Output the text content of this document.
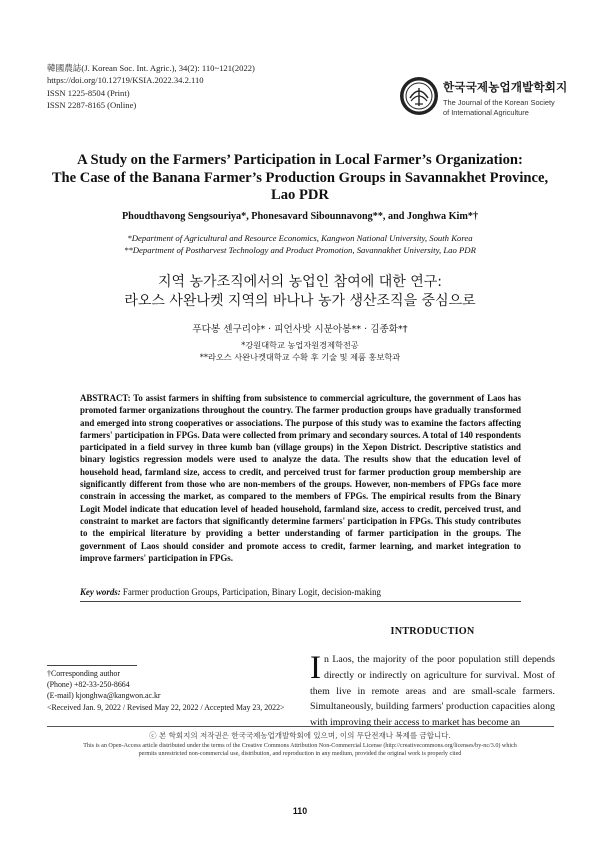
韓國農誌(J. Korean Soc. Int. Agric.), 34(2): 110~121(2022)
https://doi.org/10.12719/KSIA.2022.34.2.110
ISSN 1225-8504 (Print)
ISSN 2287-8165 (Online)
한국국제농업개발학회지
The Journal of the Korean Society
of International Agriculture
A Study on the Farmers’ Participation in Local Farmer’s Organization:
The Case of the Banana Farmer’s Production Groups in Savannakhet Province,
Lao PDR
Phoudthavong Sengsouriya*, Phonesavard Sibounnavong**, and Jonghwa Kim*†
*Department of Agricultural and Resource Economics, Kangwon National University, South Korea
**Department of Postharvest Technology and Product Promotion, Savannakhet University, Lao PDR
지역 농가조직에서의 농업인 참여에 대한 연구:
라오스 사완나켓 지역의 바나나 농가 생산조직을 중심으로
푸다봉 센구리야* · 피언사밧 시분아봉** · 김종화*†
*강원대학교 농업자원경제학전공
**라오스 사완나켓대학교 수확 후 기술 및 제품 홍보학과
ABSTRACT: To assist farmers in shifting from subsistence to commercial agriculture, the government of Laos has promoted farmer organizations throughout the country. The farmer production groups have gradually transformed and emerged into strong cooperatives or associations. The purpose of this study was to examine the factors affecting farmers' participation in FPGs. Data were collected from primary and secondary sources. A total of 140 respondents participated in a field survey in three kumb ban (village groups) in the Xepon District. Descriptive statistics and binary logistics regression models were used to analyze the data. The results show that the education level of household head, farmland size, access to credit, and perceived trust for farmer production group membership are significantly different from those who are non-members of the groups. However, non-members of FPGs face more constrain in accessing the market, as compared to the members of FPGs. The empirical results from the Binary Logit Model indicate that education level of headed household, farmland size, access to credit, perceived trust, and constraint to market are factors that significantly determine farmers' participation in FPGs. This study contributes to the empirical literature by providing a better understanding of farmer participation in the groups. The government of Laos should consider and promote access to credit, farmer learning, and market integration to improve farmers' participation in FPGs.
Key words: Farmer production Groups, Participation, Binary Logit, decision-making
INTRODUCTION
In Laos, the majority of the poor population still depends directly or indirectly on agriculture for survival. Most of them live in remote areas and are small-scale farmers. Simultaneously, building farmers' production capacities along with improving their access to market has become an
†Corresponding author
(Phone) +82-33-250-8664
(E-mail) kjonghwa@kangwon.ac.kr
<Received Jan. 9, 2022 / Revised May 22, 2022 / Accepted May 23, 2022>
ⓒ 본 학회지의 저작권은 한국국제농업개발학회에 있으며, 이의 무단전재나 복제를 금합니다.
This is an Open-Access article distributed under the terms of the Creative Commons Attribution Non-Commercial License (http://creativecommons.org/licenses/by-nc/3.0) which
permits unrestricted non-commercial use, distribution, and reproduction in any medium, provided the original work is properly cited
110
